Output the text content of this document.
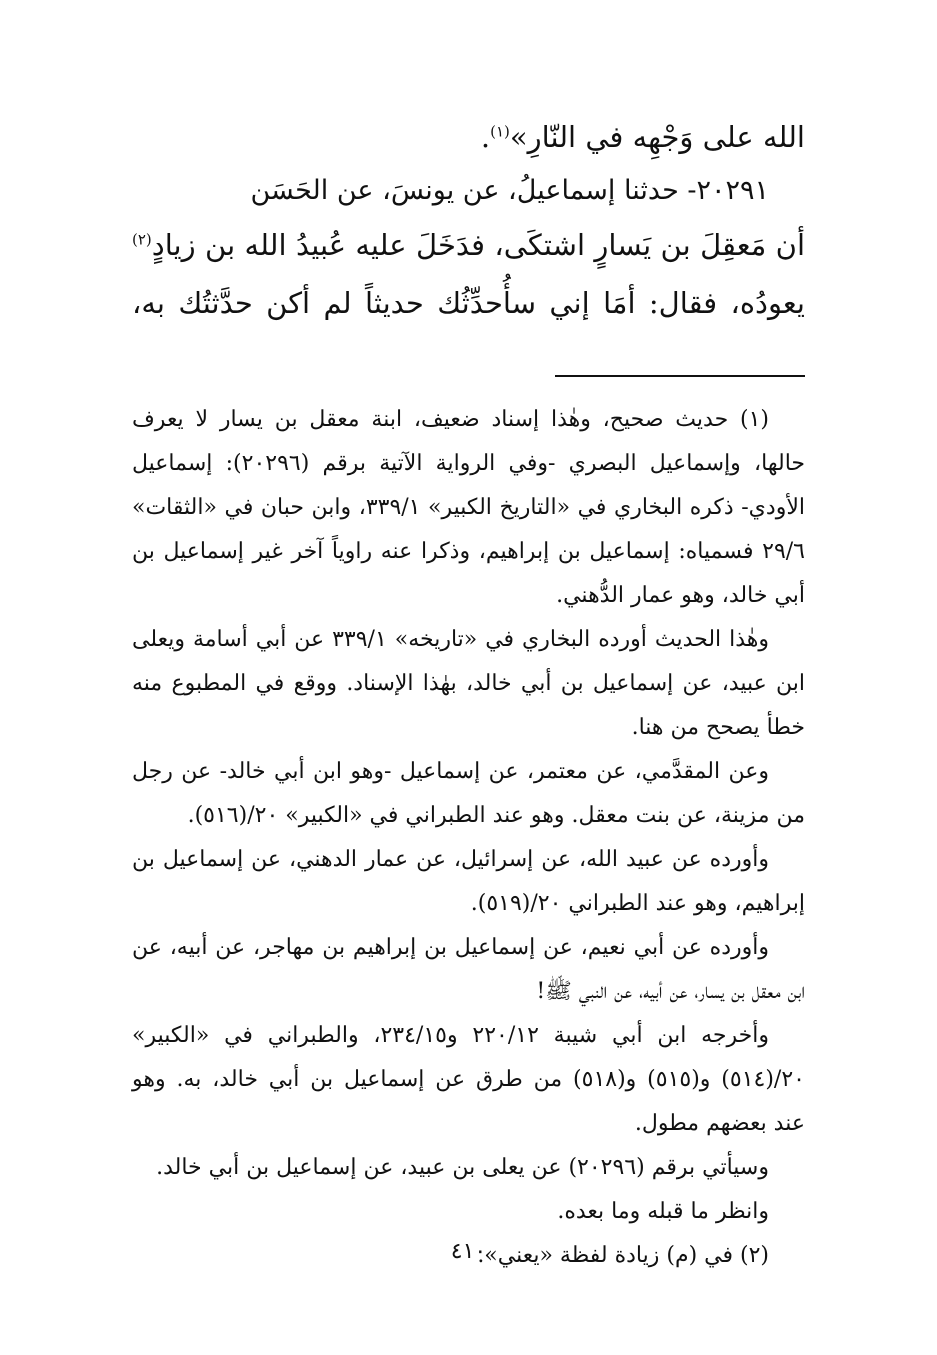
الله على وَجْهِه في النّارِ»$^{(١)}$.
٢٠٢٩١- حدثنا إسماعيلُ، عن يونسَ، عن الحَسَن
أن مَعقِلَ بن يَسارٍ اشتكَى، فدَخَلَ عليه عُبيدُ الله بن زيادٍ$^{(٢)}$
يعودُه، فقال: أمَا إني سأُحدِّثُك حديثاً لم أكن حدَّثتُك به،
(١) حديث صحيح، وهٰذا إسناد ضعيف، ابنة معقل بن يسار لا يعرف
حالها، وإسماعيل البصري -وفي الرواية الآتية برقم (٢٠٢٩٦): إسماعيل
الأودي- ذكره البخاري في «التاريخ الكبير» ٣٣٩/١، وابن حبان في «الثقات»
٢٩/٦ فسمياه: إسماعيل بن إبراهيم، وذكرا عنه راوياً آخر غير إسماعيل بن
أبي خالد، وهو عمار الدُّهني.
وهٰذا الحديث أورده البخاري في «تاريخه» ٣٣٩/١ عن أبي أسامة ويعلى
ابن عبيد، عن إسماعيل بن أبي خالد، بهٰذا الإسناد. ووقع في المطبوع منه
خطأ يصحح من هنا.
وعن المقدَّمي، عن معتمر، عن إسماعيل -وهو ابن أبي خالد- عن رجل
من مزينة، عن بنت معقل. وهو عند الطبراني في «الكبير» ٢٠/(٥١٦).
وأورده عن عبيد الله، عن إسرائيل، عن عمار الدهني، عن إسماعيل بن
إبراهيم، وهو عند الطبراني ٢٠/(٥١٩).
وأورده عن أبي نعيم، عن إسماعيل بن إبراهيم بن مهاجر، عن أبيه، عن
ابن معقل بن يسار، عن أبيه، عن النبي ﷺ!
وأخرجه ابن أبي شيبة ٢٢٠/١٢ و٢٣٤/١٥، والطبراني في «الكبير»
٢٠/(٥١٤) و(٥١٥) و(٥١٨) من طرق عن إسماعيل بن أبي خالد، به. وهو
عند بعضهم مطول.
وسيأتي برقم (٢٠٢٩٦) عن يعلى بن عبيد، عن إسماعيل بن أبي خالد.
وانظر ما قبله وما بعده.
(٢) في (م) زيادة لفظة «يعني».
٤١٠
